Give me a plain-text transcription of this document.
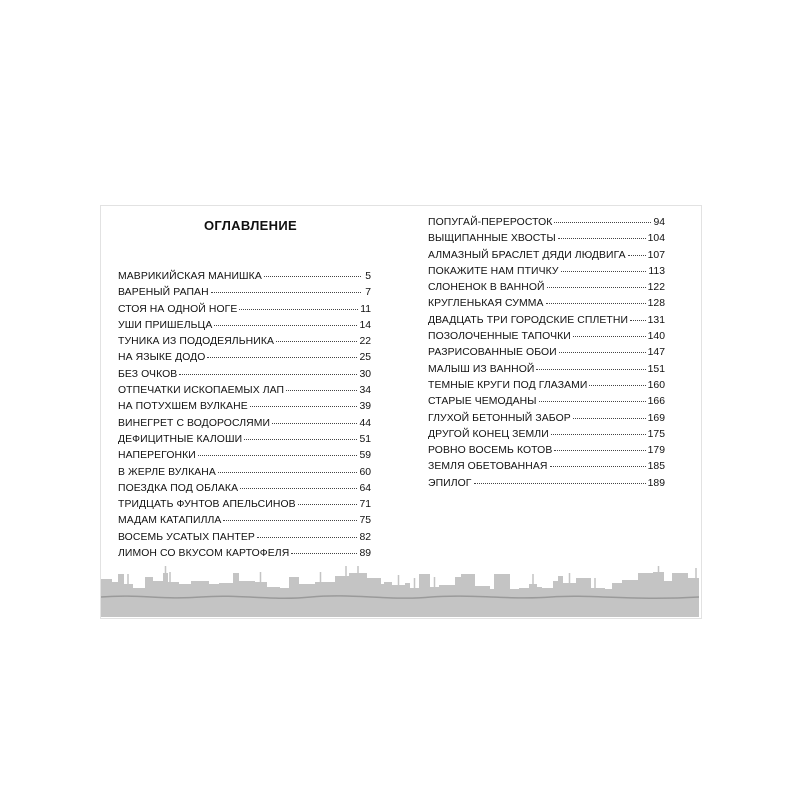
ОГЛАВЛЕНИЕ
МАВРИКИЙСКАЯ МАНИШКА	5
ВАРЕНЫЙ РАПАН	7
СТОЯ НА ОДНОЙ НОГЕ	11
УШИ ПРИШЕЛЬЦА	14
ТУНИКА ИЗ ПОДОДЕЯЛЬНИКА	22
НА ЯЗЫКЕ ДОДО	25
БЕЗ ОЧКОВ	30
ОТПЕЧАТКИ ИСКОПАЕМЫХ ЛАП	34
НА ПОТУХШЕМ ВУЛКАНЕ	39
ВИНЕГРЕТ С ВОДОРОСЛЯМИ	44
ДЕФИЦИТНЫЕ КАЛОШИ	51
НАПЕРЕГОНКИ	59
В ЖЕРЛЕ ВУЛКАНА	60
ПОЕЗДКА ПОД ОБЛАКА	64
ТРИДЦАТЬ ФУНТОВ АПЕЛЬСИНОВ	71
МАДАМ КАТАПИЛЛА	75
ВОСЕМЬ УСАТЫХ ПАНТЕР	82
ЛИМОН СО ВКУСОМ КАРТОФЕЛЯ	89
ПОПУГАЙ-ПЕРЕРОСТОК	94
ВЫЩИПАННЫЕ ХВОСТЫ	104
АЛМАЗНЫЙ БРАСЛЕТ ДЯДИ ЛЮДВИГА 107
ПОКАЖИТЕ НАМ ПТИЧКУ	113
СЛОНЕНОК В ВАННОЙ	122
КРУГЛЕНЬКАЯ СУММА	128
ДВАДЦАТЬ ТРИ ГОРОДСКИЕ СПЛЕТНИ 131
ПОЗОЛОЧЕННЫЕ ТАПОЧКИ	140
РАЗРИСОВАННЫЕ ОБОИ	147
МАЛЫШ ИЗ ВАННОЙ	151
ТЕМНЫЕ КРУГИ ПОД ГЛАЗАМИ	160
СТАРЫЕ ЧЕМОДАНЫ	166
ГЛУХОЙ БЕТОННЫЙ ЗАБОР	169
ДРУГОЙ КОНЕЦ ЗЕМЛИ	175
РОВНО ВОСЕМЬ КОТОВ	179
ЗЕМЛЯ ОБЕТОВАННАЯ	185
ЭПИЛОГ	189
